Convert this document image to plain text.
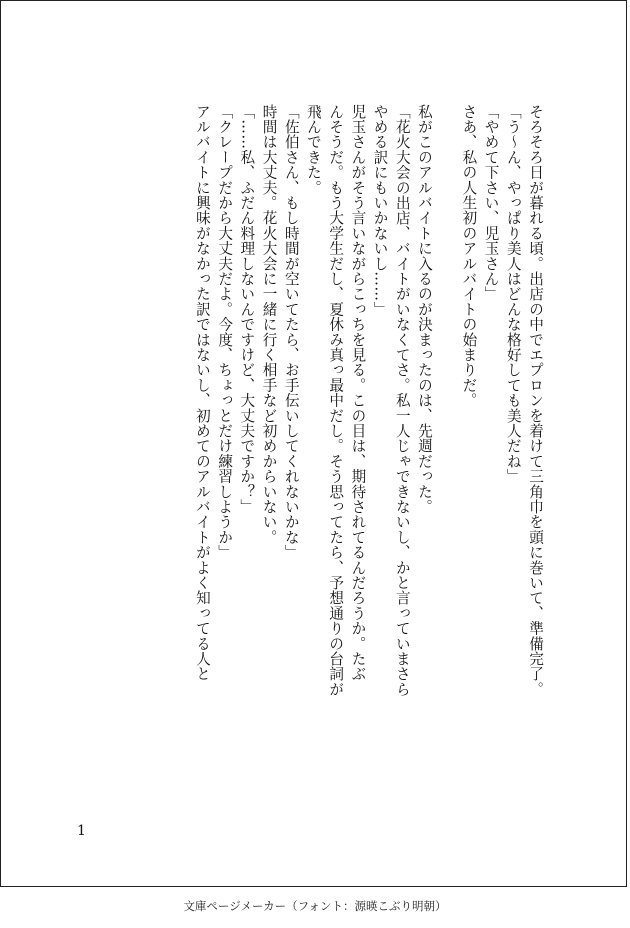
そろそろ日が暮れる頃。出店の中でエプロンを着けて三角巾を頭に巻いて、準備完了。
「う〜ん、やっぱり美人はどんな格好しても美人だね」
「やめて下さい、児玉さん」
さあ、私の人生初のアルバイトの始まりだ。

私がこのアルバイトに入るのが決まったのは、先週だった。
「花火大会の出店、バイトがいなくてさ。私一人じゃできないし、かと言っていまさら
やめる訳にもいかないし……」
児玉さんがそう言いながらこっちを見る。この目は、期待されてるんだろうか。たぶ
んそうだ。もう大学生だし、夏休み真っ最中だし。そう思ってたら、予想通りの台詞が
飛んできた。
「佐伯さん、もし時間が空いてたら、お手伝いしてくれないかな」
時間は大丈夫。花火大会に一緒に行く相手など初めからいない。
「……私、ふだん料理しないんですけど、大丈夫ですか？」
「クレープだから大丈夫だよ。今度、ちょっとだけ練習しようか」
アルバイトに興味がなかった訳ではないし、初めてのアルバイトがよく知ってる人と
1
文庫ページメーカー（フォント：源暎こぶり明朝）
